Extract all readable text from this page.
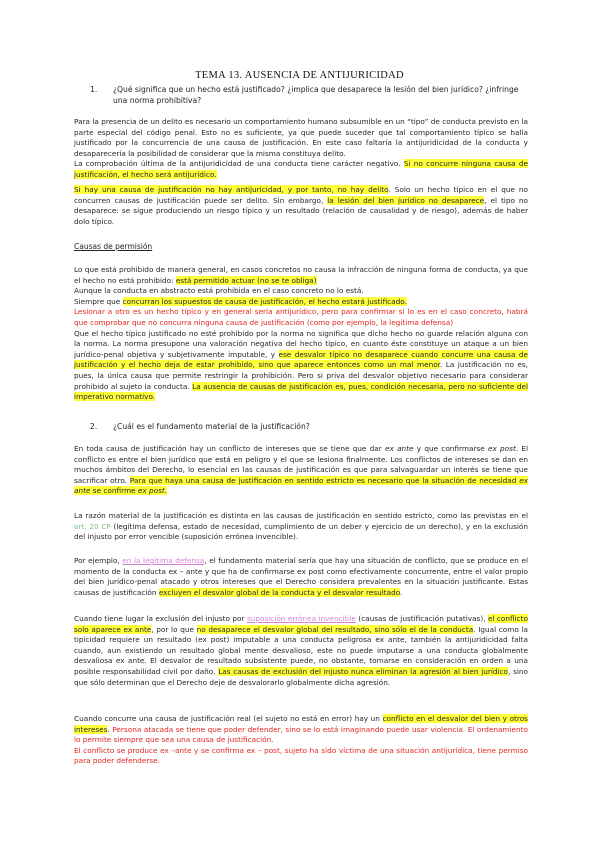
TEMA 13. AUSENCIA DE ANTIJURICIDAD
1. ¿Qué significa que un hecho está justificado? ¿implica que desaparece la lesión del bien jurídico? ¿infringe una norma prohibitiva?

Para la presencia de un delito es necesario un comportamiento humano subsumible en un “tipo” de conducta previsto en la parte especial del código penal. Esto no es suficiente, ya que puede suceder que tal comportamiento típico se halla justificado por la concurrencia de una causa de justificación. En este caso faltaría la antijuridicidad de la conducta y desaparecería la posibilidad de considerar que la misma constituya delito.
La comprobación última de la antijuridicidad de una conducta tiene carácter negativo. Si no concurre ninguna causa de justificación, el hecho será antijurídico.

Si hay una causa de justificación no hay antijuricidad, y por tanto, no hay delito. Solo un hecho típico en el que no concurren causas de justificación puede ser delito. Sin embargo, la lesión del bien jurídico no desaparece, el tipo no desaparece: se sigue produciendo un riesgo típico y un resultado (relación de causalidad y de riesgo), además de haber dolo típico.

Causas de permisión

Lo que está prohibido de manera general, en casos concretos no causa la infracción de ninguna forma de conducta, ya que el hecho no está prohibido: está permitido actuar (no se te obliga)
Aunque la conducta en abstracto está prohibida en el caso concreto no lo está.
Siempre que concurran los supuestos de causa de justificación, el hecho estará justificado.
Lesionar a otro es un hecho típico y en general sería antijurídico, pero para confirmar si lo es en el caso concreto, habrá que comprobar que no concurra ninguna causa de justificación (como por ejemplo, la legítima defensa)
Que el hecho típico justificado no esté prohibido por la norma no significa que dicho hecho no guarde relación alguna con la norma. La norma presupone una valoración negativa del hecho típico, en cuanto éste constituye un ataque a un bien jurídico-penal objetiva y subjetivamente imputable, y ese desvalor típico no desaparece cuando concurre una causa de justificación y el hecho deja de estar prohibido, sino que aparece entonces como un mal menor. La justificación no es, pues, la única causa que permite restringir la prohibición. Pero si priva del desvalor objetivo necesario para considerar prohibido al sujeto la conducta. La ausencia de causas de justificación es, pues, condición necesaria, pero no suficiente del imperativo normativo.

2. ¿Cuál es el fundamento material de la justificación?

En toda causa de justificación hay un conflicto de intereses que se tiene que dar ex ante y que confirmarse ex post. El conflicto es entre el bien jurídico que está en peligro y el que se lesiona finalmente. Los conflictos de intereses se dan en muchos ámbitos del Derecho, lo esencial en las causas de justificación es que para salvaguardar un interés se tiene que sacrificar otro. Para que haya una causa de justificación en sentido estricto es necesario que la situación de necesidad ex ante se confirme ex post.

La razón material de la justificación es distinta en las causas de justificación en sentido estricto, como las previstas en el art. 20 CP (legítima defensa, estado de necesidad, cumplimiento de un deber y ejercicio de un derecho), y en la exclusión del injusto por error vencible (suposición errónea invencible).

Por ejemplo, en la legítima defensa, el fundamento material sería que hay una situación de conflicto, que se produce en el momento de la conducta ex – ante y que ha de confirmarse ex post como efectivamente concurrente, entre el valor propio del bien jurídico-penal atacado y otros intereses que el Derecho considera prevalentes en la situación justificante. Estas causas de justificación excluyen el desvalor global de la conducta y el desvalor resultado.

Cuando tiene lugar la exclusión del injusto por suposición errónea invencible (causas de justificación putativas), el conflicto solo aparece ex ante, por lo que no desaparece el desvalor global del resultado, sino sólo el de la conducta. Igual como la tipicidad requiere un resultado (ex post) imputable a una conducta peligrosa ex ante, también la antijuridicidad falta cuando, aun existiendo un resultado global mente desvalioso, este no puede imputarse a una conducta globalmente desvaliosa ex ante. El desvalor de resultado subsistente puede, no obstante, tomarse en consideración en orden a una posible responsabilidad civil por daño. Las causas de exclusión del injusto nunca eliminan la agresión al bien jurídico, sino que sólo determinan que el Derecho deje de desvalorarlo globalmente dicha agresión.

Cuando concurre una causa de justificación real (el sujeto no está en error) hay un conflicto en el desvalor del bien y otros intereses. Persona atacada se tiene que poder defender, sino se lo está imaginando puede usar violencia. El ordenamiento lo permite siempre que sea una causa de justificación.
El conflicto se produce ex –ante y se confirma ex – post, sujeto ha sido víctima de una situación antijurídica, tiene permiso para poder defenderse.
